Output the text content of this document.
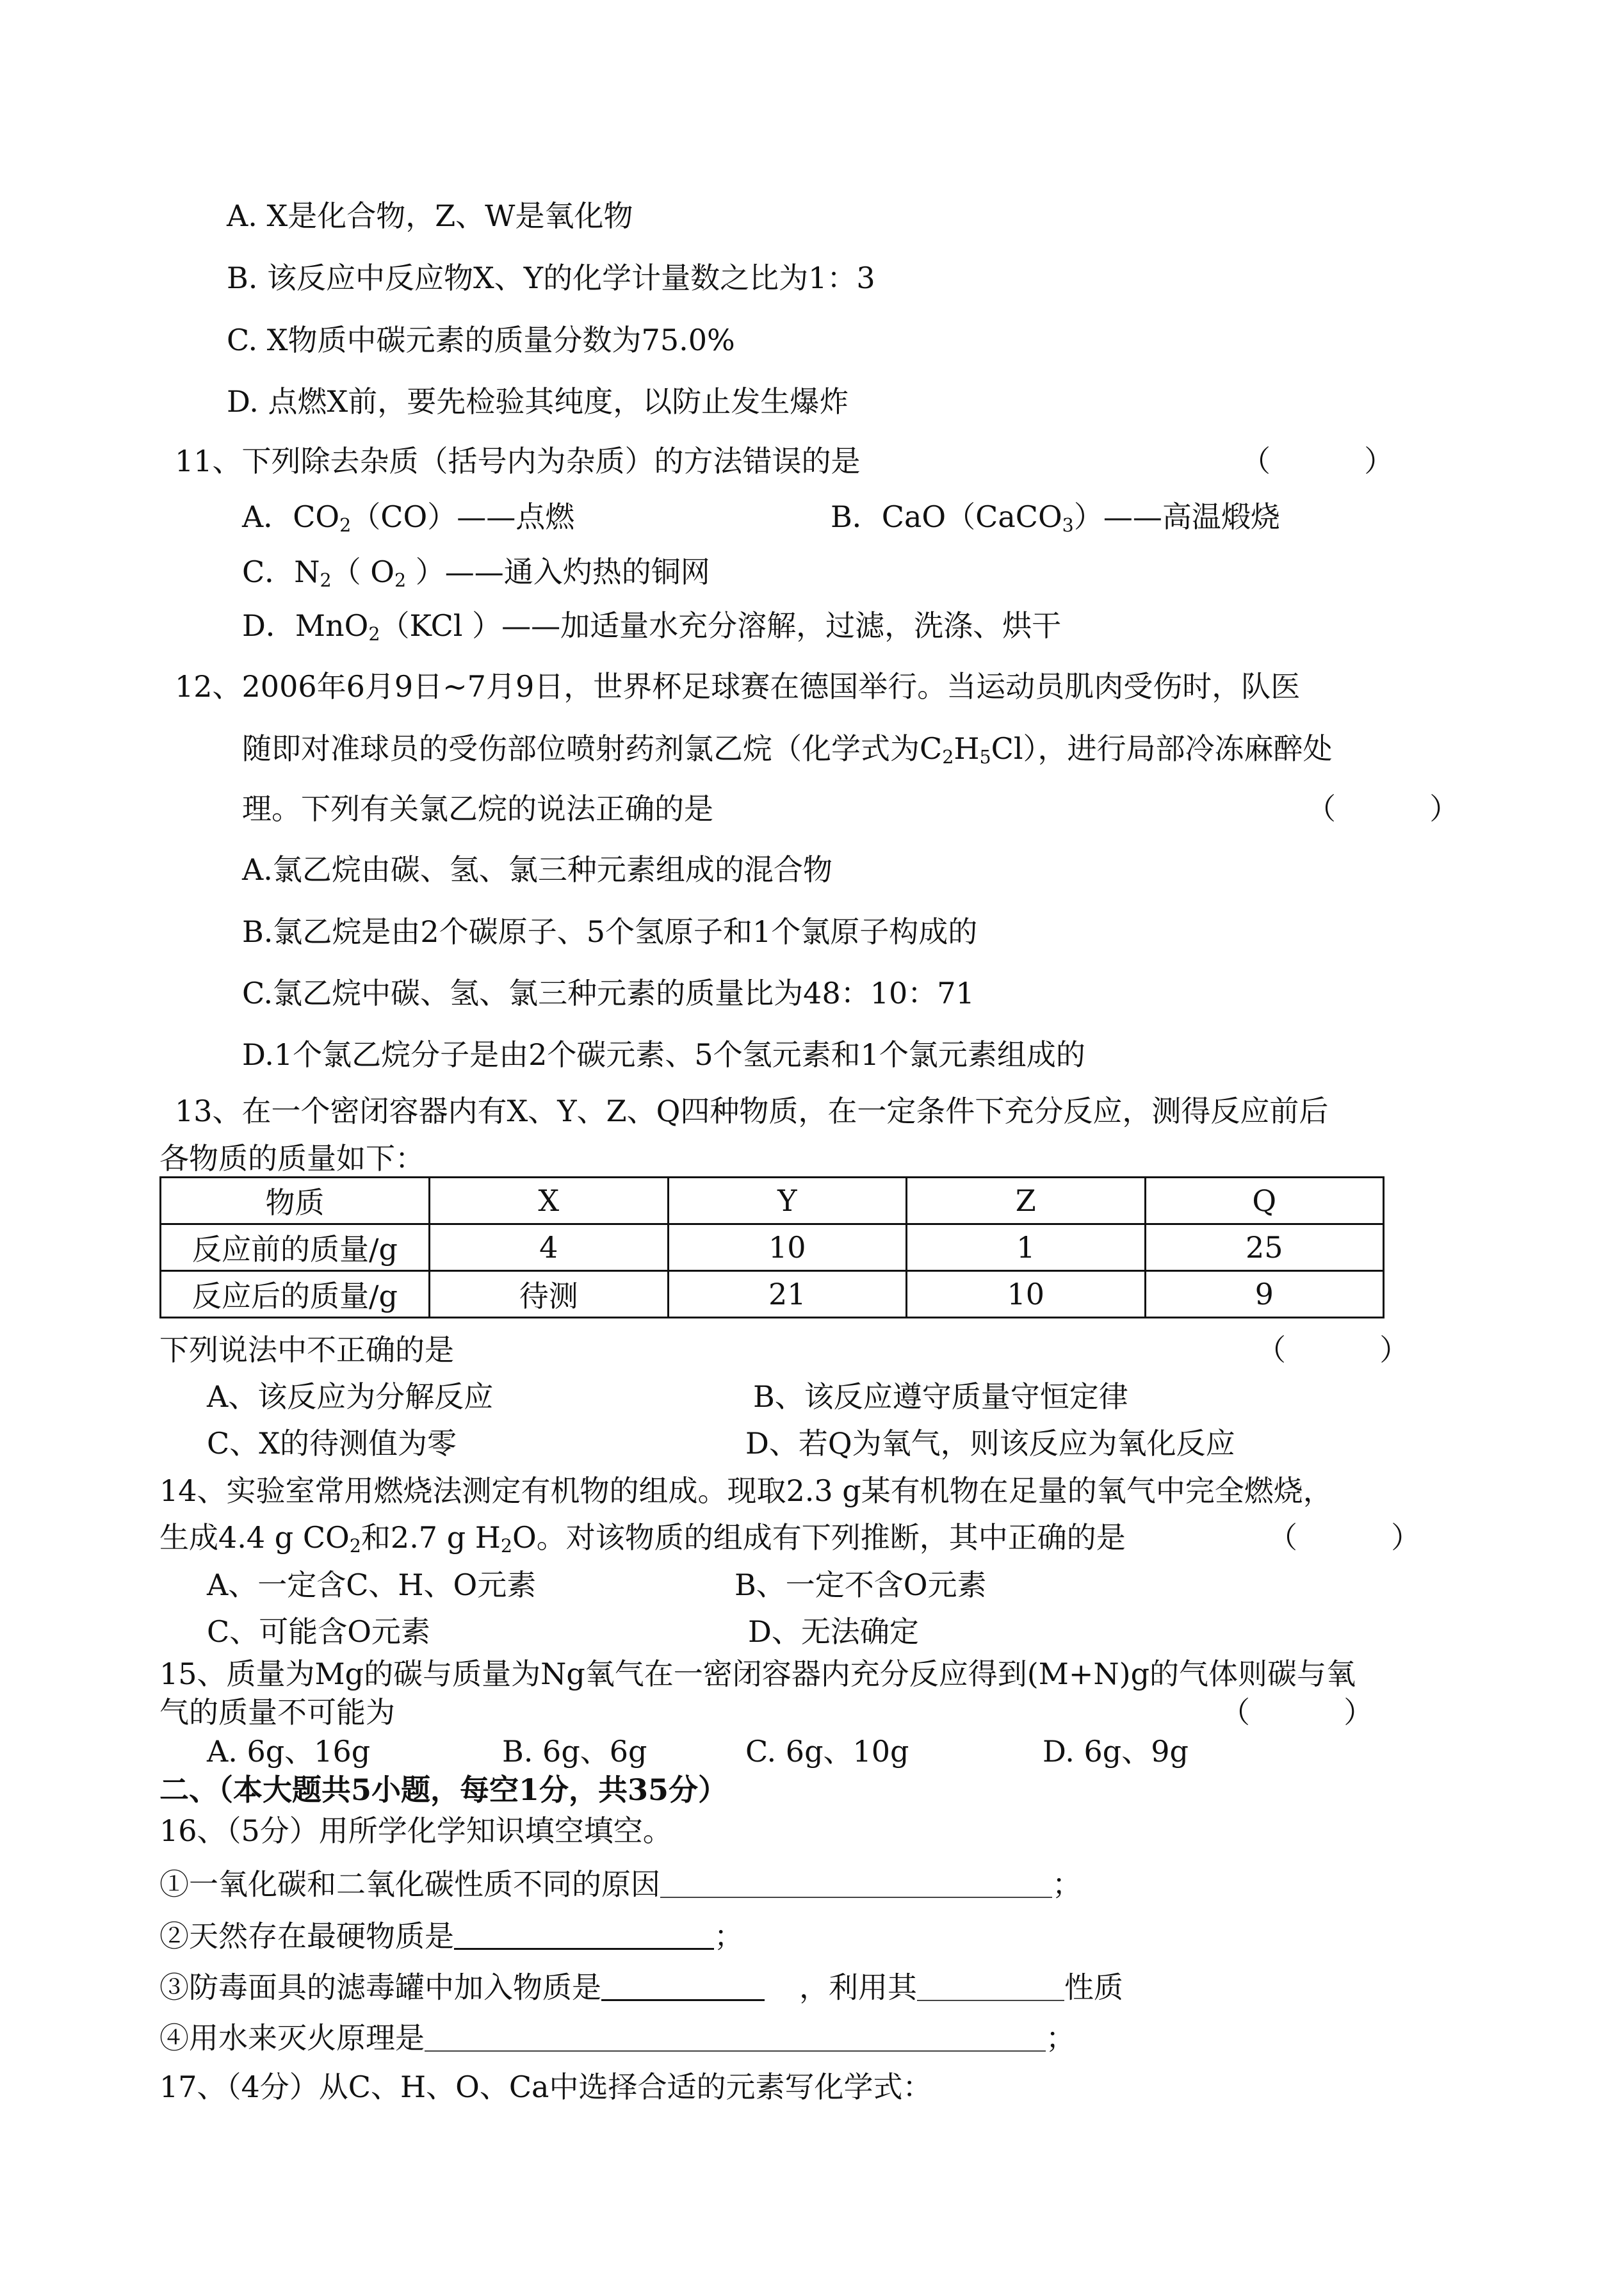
A. X是化合物，Z、W是氧化物
B. 该反应中反应物X、Y的化学计量数之比为1：3
C. X物质中碳元素的质量分数为75.0%
D. 点燃X前，要先检验其纯度，以防止发生爆炸
11、下列除去杂质（括号内为杂质）的方法错误的是	（          ）
A．$CO_2(CO)——$点燃	B．CaO（CaCO$_3$）——高温煅烧
C．$N_2$（ $O_2$ ）——通入灼热的铜网
D．MnO$_2$（KCl ）——加适量水充分溶解，过滤，洗涤、烘干
12、2006年6月9日~7月9日，世界杯足球赛在德国举行。当运动员肌肉受伤时，队医
随即对准球员的受伤部位喷射药剂氯乙烷（化学式为$C_2H_5Cl$），进行局部冷冻麻醉处
理。下列有关氯乙烷的说法正确的是	（          ）
A.氯乙烷由碳、氢、氯三种元素组成的混合物
B.氯乙烷是由2个碳原子、5个氢原子和1个氯原子构成的
C.氯乙烷中碳、氢、氯三种元素的质量比为48：10：71
D.1个氯乙烷分子是由2个碳元素、5个氢元素和1个氯元素组成的
13、在一个密闭容器内有X、Y、Z、Q四种物质，在一定条件下充分反应，测得反应前后
各物质的质量如下：
物质	X	Y	Z	Q
反应前的质量/g	4	10	1	25
反应后的质量/g	待测	21	10	9
下列说法中不正确的是	（          ）
A、该反应为分解反应	B、该反应遵守质量守恒定律
C、X的待测值为零	D、若Q为氧气，则该反应为氧化反应
14、实验室常用燃烧法测定有机物的组成。现取2.3 g某有机物在足量的氧气中完全燃烧，
生成4.4 g $CO_2$和2.7 g $H_2O$。对该物质的组成有下列推断，其中正确的是	（          ）
A、一定含C、H、O元素	B、一定不含O元素
C、可能含O元素	D、无法确定
15、质量为Mg的碳与质量为Ng氧气在一密闭容器内充分反应得到(M+N)g的气体则碳与氧
气的质量不可能为	（          ）
A. 6g、16g	B. 6g、6g	C. 6g、10g	D. 6g、9g
二、（本大题共5小题，每空1分，共35分）
16、（5分）用所学化学知识填空填空。
①一氧化碳和二氧化碳性质不同的原因	；
②天然存在最硬物质是	；
③防毒面具的滤毒罐中加入物质是	，利用其	性质
④用水来灭火原理是	；
17、（4分）从C、H、O、Ca中选择合适的元素写化学式：
